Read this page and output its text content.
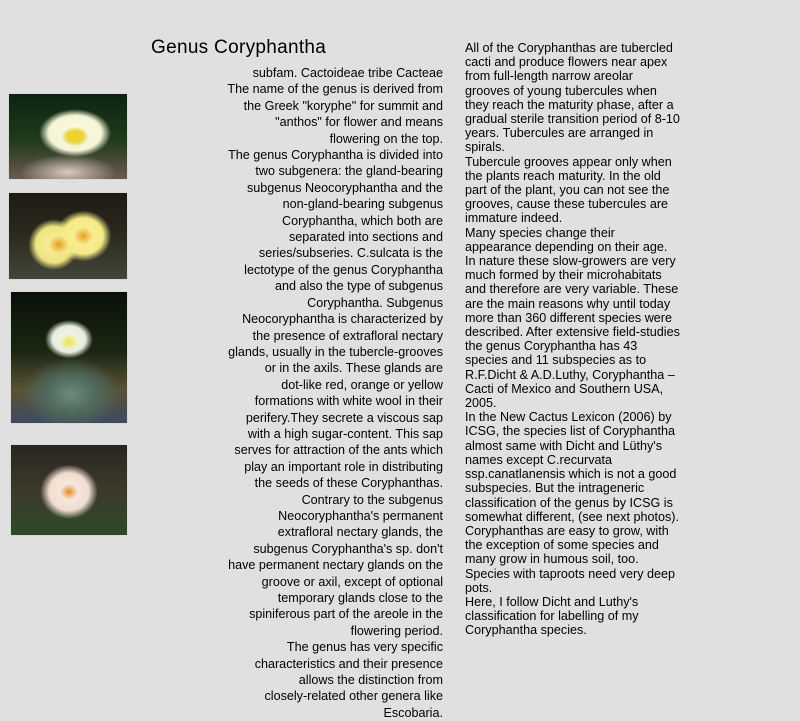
Genus Coryphantha
subfam. Cactoideae tribe Cacteae
The name of the genus is derived from
the Greek "koryphe" for summit and
"anthos" for flower and means
flowering on the top.
The genus Coryphantha is divided into
two subgenera: the gland-bearing
subgenus Neocoryphantha and the
non-gland-bearing subgenus
Coryphantha, which both are
separated into sections and
series/subseries. C.sulcata is the
lectotype of the genus Coryphantha
and also the type of subgenus
Coryphantha. Subgenus
Neocoryphantha is characterized by
the presence of extrafloral nectary
glands, usually in the tubercle-grooves
or in the axils. These glands are
dot-like red, orange or yellow
formations with white wool in their
perifery.They secrete a viscous sap
with a high sugar-content. This sap
serves for attraction of the ants which
play an important role in distributing
the seeds of these Coryphanthas.
Contrary to the subgenus
Neocoryphantha's permanent
extrafloral nectary glands, the
subgenus Coryphantha's sp. don't
have permanent nectary glands on the
groove or axil, except of optional
temporary glands close to the
spiniferous part of the areole in the
flowering period.
The genus has very specific
characteristics and their presence
allows the distinction from
closely-related other genera like
Escobaria.
All of the Coryphanthas are tubercled
cacti and produce flowers near apex
from full-length narrow areolar
grooves of young tubercules when
they reach the maturity phase, after a
gradual sterile transition period of 8-10
years. Tubercules are arranged in
spirals.
Tubercule grooves appear only when
the plants reach maturity. In the old
part of the plant, you can not see the
grooves, cause these tubercules are
immature indeed.
Many species change their
appearance depending on their age.
In nature these slow-growers are very
much formed by their microhabitats
and therefore are very variable. These
are the main reasons why until today
more than 360 different species were
described. After extensive field-studies
the genus Coryphantha has 43
species and 11 subspecies as to
R.F.Dicht & A.D.Luthy, Coryphantha –
Cacti of Mexico and Southern USA,
2005.
In the New Cactus Lexicon (2006) by
ICSG, the species list of Coryphantha
almost same with Dicht and Lüthy's
names except C.recurvata
ssp.canatlanensis which is not a good
subspecies. But the intrageneric
classification of the genus by ICSG is
somewhat different, (see next photos).
Coryphanthas are easy to grow, with
the exception of some species and
many grow in humous soil, too.
Species with taproots need very deep
pots.
Here, I follow Dicht and Luthy's
classification for labelling of my
Coryphantha species.
